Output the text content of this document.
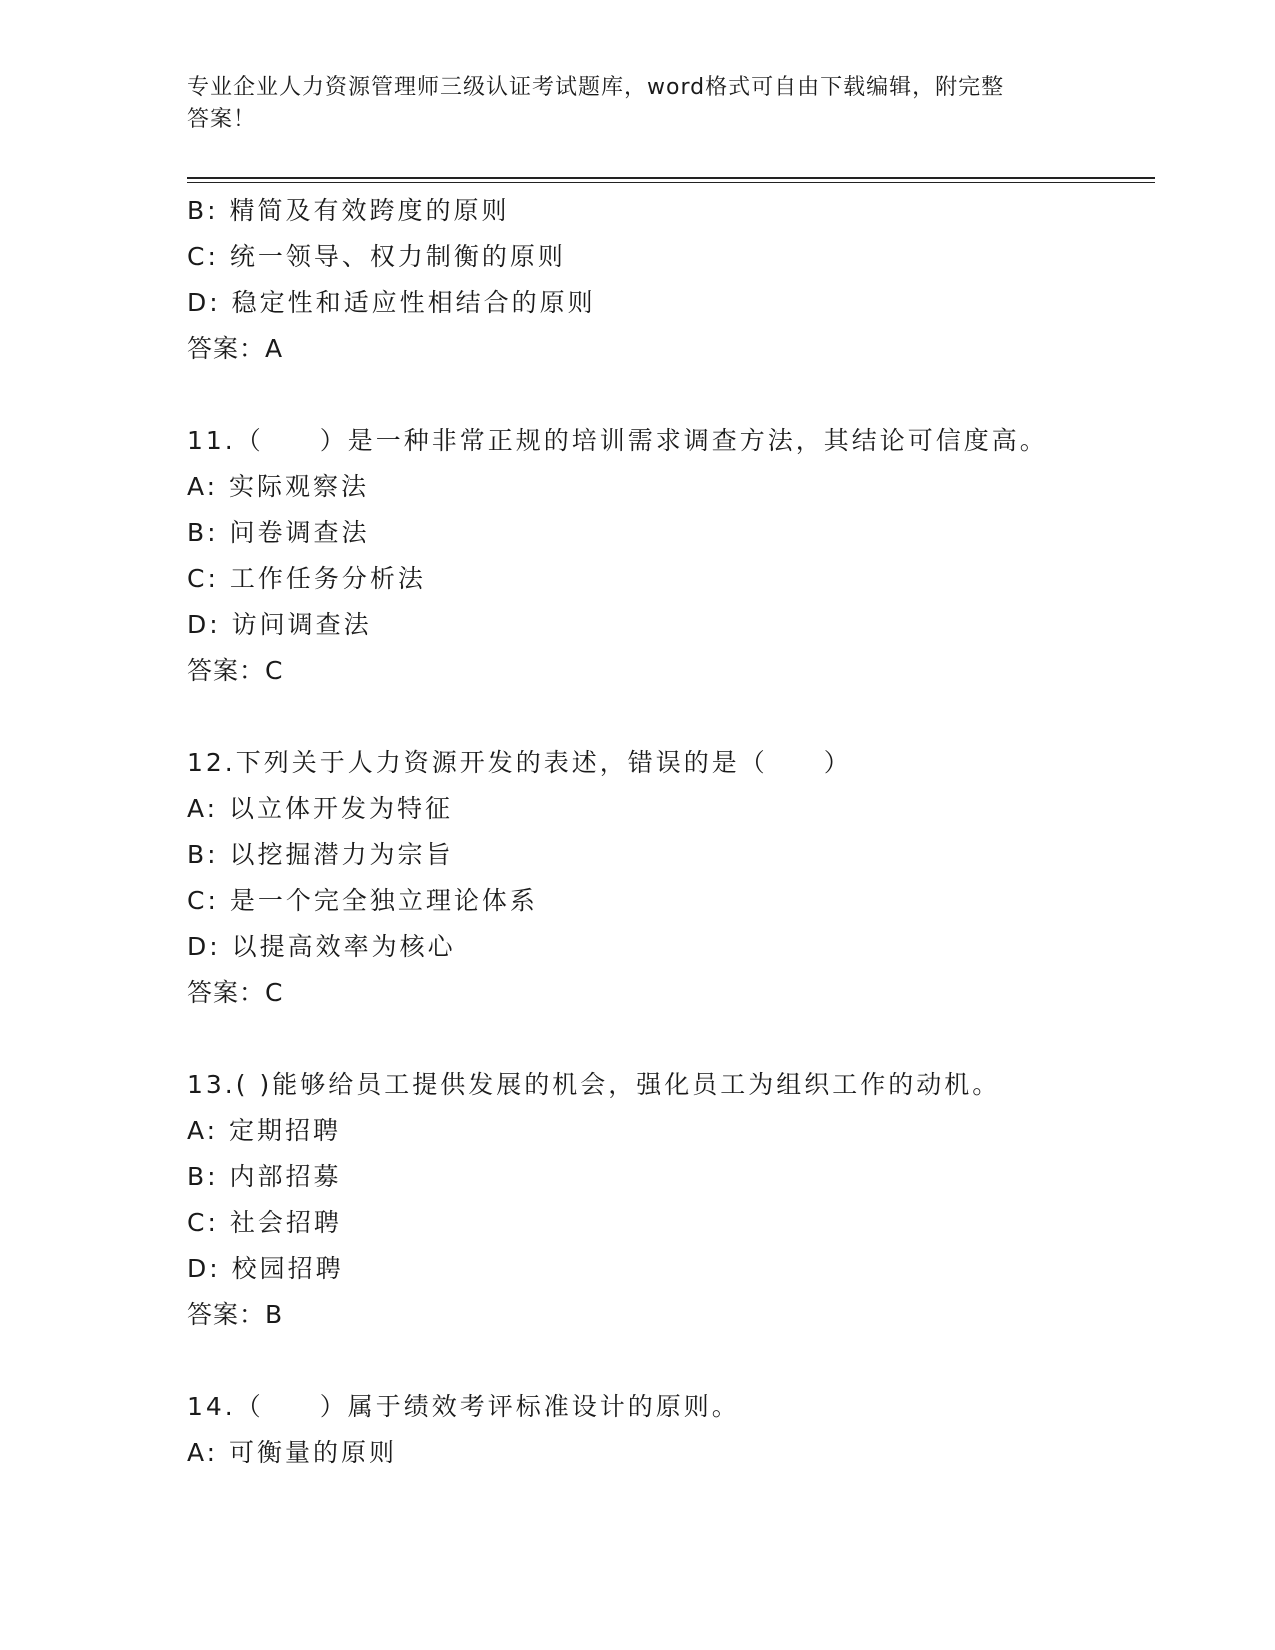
专业企业人力资源管理师三级认证考试题库，word格式可自由下载编辑，附完整
答案！
B: 精简及有效跨度的原则
C: 统一领导、权力制衡的原则
D: 稳定性和适应性相结合的原则
答案：A
11.（　　）是一种非常正规的培训需求调查方法，其结论可信度高。
A: 实际观察法
B: 问卷调查法
C: 工作任务分析法
D: 访问调查法
答案：C
12.下列关于人力资源开发的表述，错误的是（　　）
A: 以立体开发为特征
B: 以挖掘潜力为宗旨
C: 是一个完全独立理论体系
D: 以提高效率为核心
答案：C
13.( )能够给员工提供发展的机会，强化员工为组织工作的动机。
A: 定期招聘
B: 内部招募
C: 社会招聘
D: 校园招聘
答案：B
14.（　　）属于绩效考评标准设计的原则。
A: 可衡量的原则
